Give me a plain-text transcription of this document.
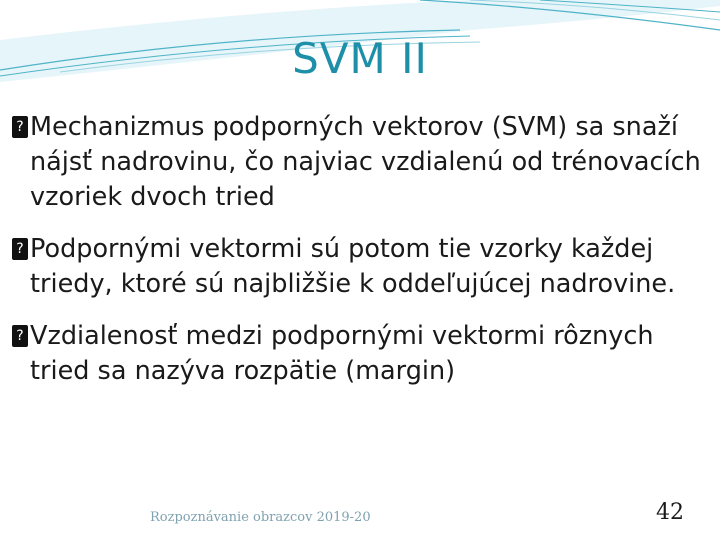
SVM II
? Mechanizmus podporných vektorov (SVM) sa snaží nájsť nadrovinu, čo najviac vzdialenú od trénovacích vzoriek dvoch tried
? Podpornými vektormi sú potom tie vzorky každej triedy, ktoré sú najbližšie k oddeľujúcej nadrovine.
? Vzdialenosť medzi podpornými vektormi rôznych tried sa nazýva rozpätie (margin)
Rozpoznávanie obrazcov 2019-20	42
